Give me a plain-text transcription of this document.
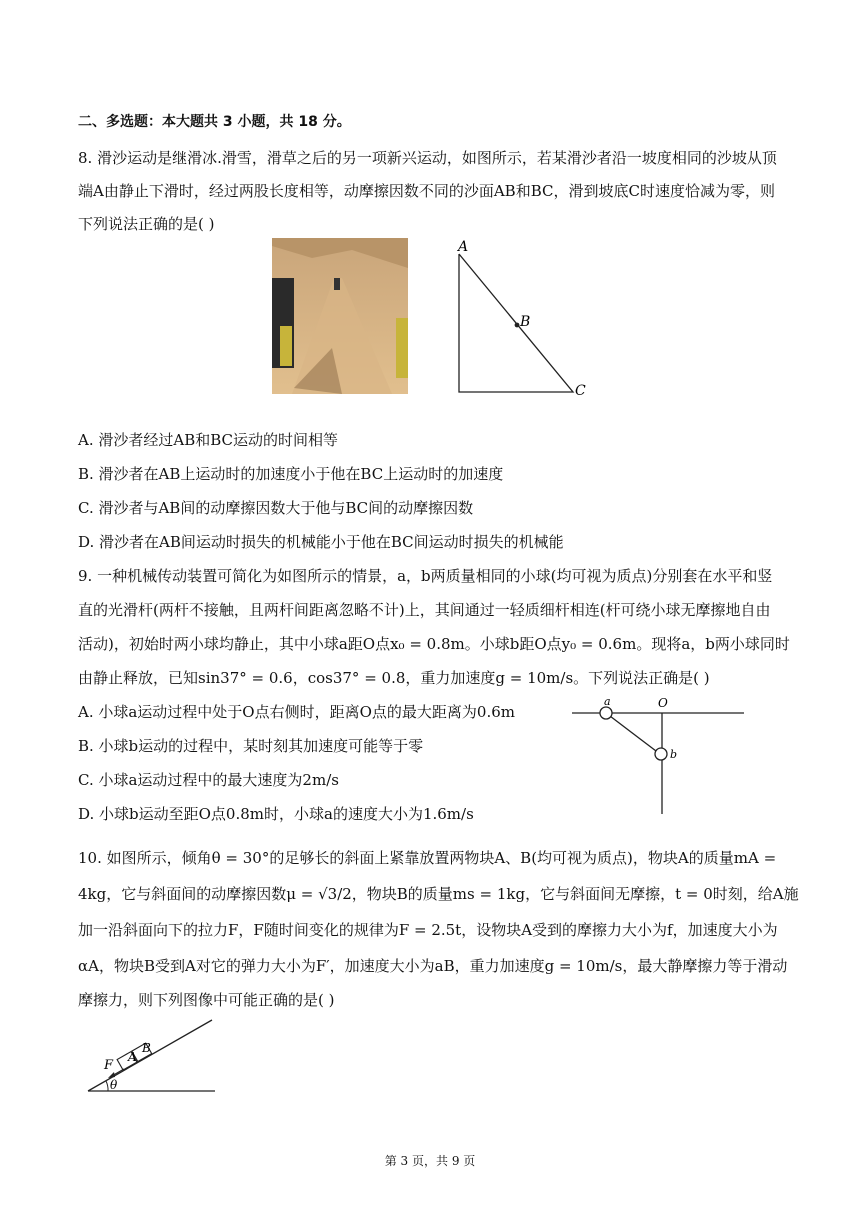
二、多选题：本大题共 3 小题，共 18 分。
8. 滑沙运动是继滑冰.滑雪，滑草之后的另一项新兴运动，如图所示，若某滑沙者沿一坡度相同的沙坡从顶
端A由静止下滑时，经过两股长度相等，动摩擦因数不同的沙面AB和BC，滑到坡底C时速度恰减为零，则
下列说法正确的是( )
A
B
C
A. 滑沙者经过AB和BC运动的时间相等
B. 滑沙者在AB上运动时的加速度小于他在BC上运动时的加速度
C. 滑沙者与AB间的动摩擦因数大于他与BC间的动摩擦因数
D. 滑沙者在AB间运动时损失的机械能小于他在BC间运动时损失的机械能
9. 一种机械传动装置可简化为如图所示的情景，a，b两质量相同的小球(均可视为质点)分别套在水平和竖
直的光滑杆(两杆不接触，且两杆间距离忽略不计)上，其间通过一轻质细杆相连(杆可绕小球无摩擦地自由
活动)，初始时两小球均静止，其中小球a距O点x₀ = 0.8m。小球b距O点y₀ = 0.6m。现将a，b两小球同时
由静止释放，已知sin37° = 0.6，cos37° = 0.8，重力加速度g = 10m/s。下列说法正确是( )
A. 小球a运动过程中处于O点右侧时，距离O点的最大距离为0.6m
B. 小球b运动的过程中，某时刻其加速度可能等于零
C. 小球a运动过程中的最大速度为2m/s
D. 小球b运动至距O点0.8m时，小球a的速度大小为1.6m/s
a	O
b
10. 如图所示，倾角θ = 30°的足够长的斜面上紧靠放置两物块A、B(均可视为质点)，物块A的质量mA =
4kg，它与斜面间的动摩擦因数μ = √3/2，物块B的质量ms = 1kg，它与斜面间无摩擦，t = 0时刻，给A施
加一沿斜面向下的拉力F，F随时间变化的规律为F = 2.5t，设物块A受到的摩擦力大小为f，加速度大小为
αA，物块B受到A对它的弹力大小为F′，加速度大小为aB，重力加速度g = 10m/s，最大静摩擦力等于滑动
摩擦力，则下列图像中可能正确的是( )
F
A
B
θ
第 3 页，共 9 页
